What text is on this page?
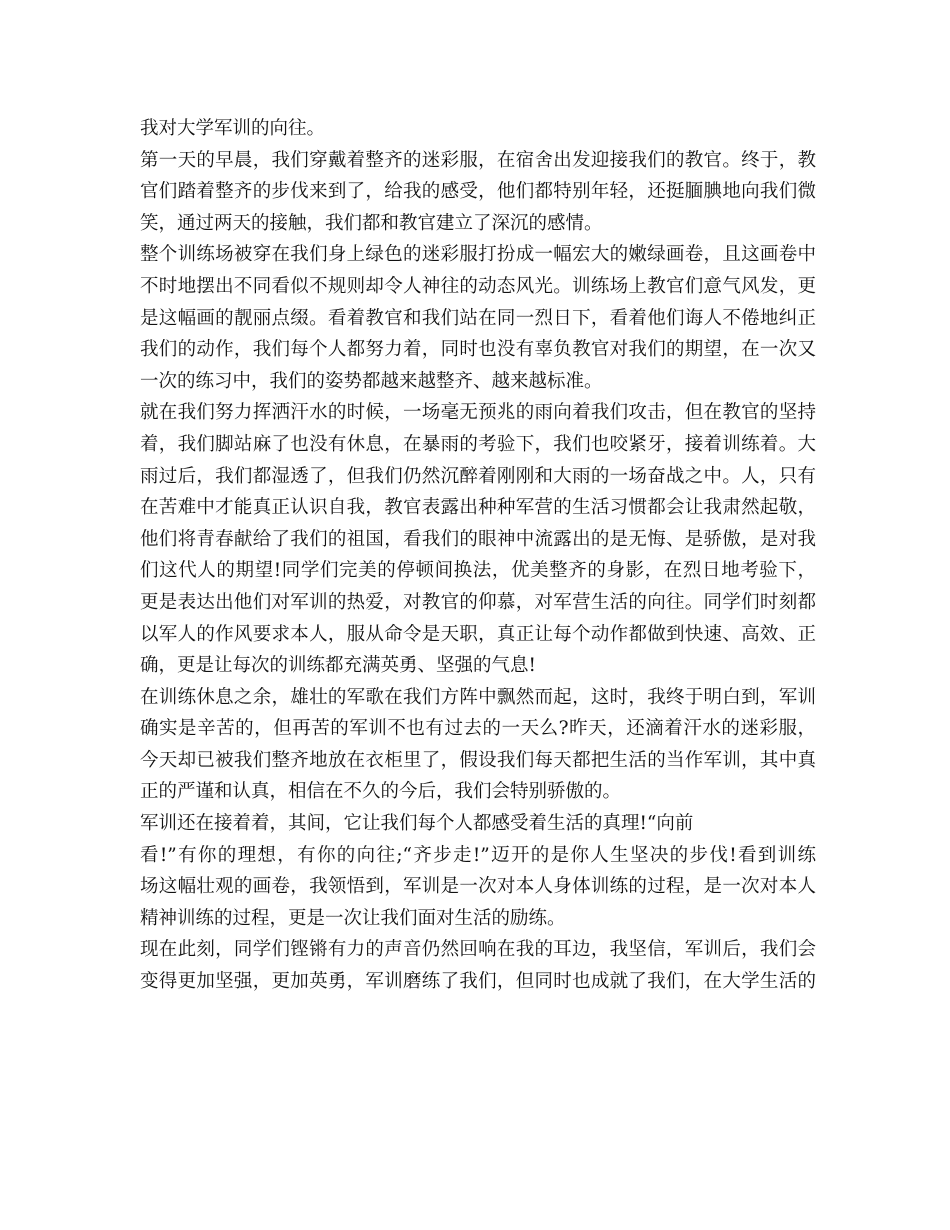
我对大学军训的向往。
第一天的早晨，我们穿戴着整齐的迷彩服，在宿舍出发迎接我们的教官。终于，教
官们踏着整齐的步伐来到了，给我的感受，他们都特别年轻，还挺腼腆地向我们微
笑，通过两天的接触，我们都和教官建立了深沉的感情。
整个训练场被穿在我们身上绿色的迷彩服打扮成一幅宏大的嫩绿画卷，且这画卷中
不时地摆出不同看似不规则却令人神往的动态风光。训练场上教官们意气风发，更
是这幅画的靓丽点缀。看着教官和我们站在同一烈日下，看着他们诲人不倦地纠正
我们的动作，我们每个人都努力着，同时也没有辜负教官对我们的期望，在一次又
一次的练习中，我们的姿势都越来越整齐、越来越标准。
就在我们努力挥洒汗水的时候，一场毫无预兆的雨向着我们攻击，但在教官的坚持
着，我们脚站麻了也没有休息，在暴雨的考验下，我们也咬紧牙，接着训练着。大
雨过后，我们都湿透了，但我们仍然沉醉着刚刚和大雨的一场奋战之中。人，只有
在苦难中才能真正认识自我，教官表露出种种军营的生活习惯都会让我肃然起敬，
他们将青春献给了我们的祖国，看我们的眼神中流露出的是无悔、是骄傲，是对我
们这代人的期望!同学们完美的停顿间换法，优美整齐的身影，在烈日地考验下，
更是表达出他们对军训的热爱，对教官的仰慕，对军营生活的向往。同学们时刻都
以军人的作风要求本人，服从命令是天职，真正让每个动作都做到快速、高效、正
确，更是让每次的训练都充满英勇、坚强的气息!
在训练休息之余，雄壮的军歌在我们方阵中飘然而起，这时，我终于明白到，军训
确实是辛苦的，但再苦的军训不也有过去的一天么?昨天，还滴着汗水的迷彩服，
今天却已被我们整齐地放在衣柜里了，假设我们每天都把生活的当作军训，其中真
正的严谨和认真，相信在不久的今后，我们会特别骄傲的。
军训还在接着着，其间，它让我们每个人都感受着生活的真理!“向前
看!”有你的理想，有你的向往;“齐步走!”迈开的是你人生坚决的步伐!看到训练
场这幅壮观的画卷，我领悟到，军训是一次对本人身体训练的过程，是一次对本人
精神训练的过程，更是一次让我们面对生活的励练。
现在此刻，同学们铿锵有力的声音仍然回响在我的耳边，我坚信，军训后，我们会
变得更加坚强，更加英勇，军训磨练了我们，但同时也成就了我们，在大学生活的
